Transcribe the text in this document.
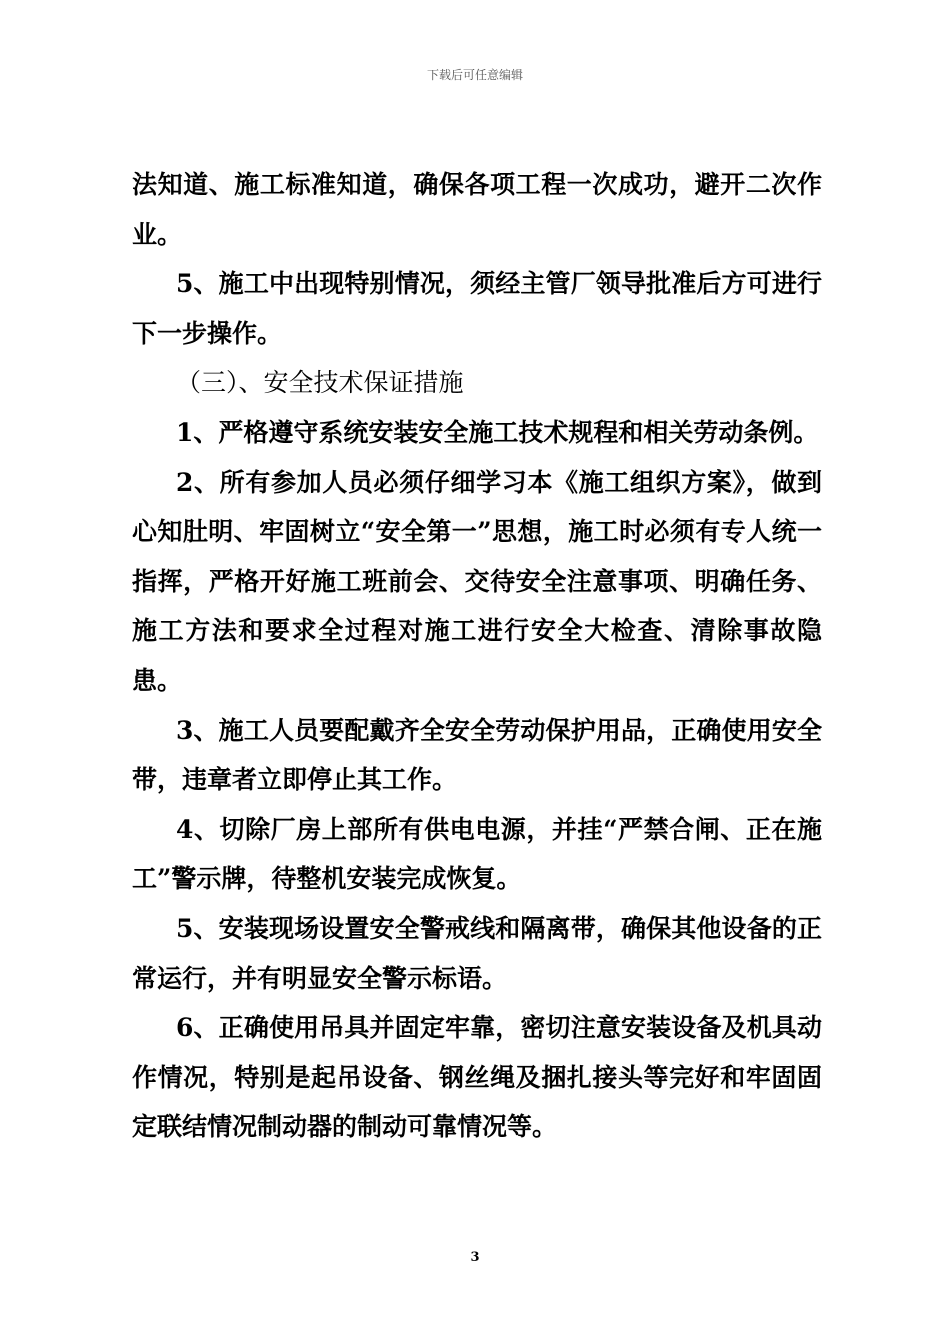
下载后可任意编辑

法知道、施工标准知道，确保各项工程一次成功，避开二次作业。

5、施工中出现特别情况，须经主管厂领导批准后方可进行下一步操作。

（三）、安全技术保证措施

1、严格遵守系统安装安全施工技术规程和相关劳动条例。

2、所有参加人员必须仔细学习本《施工组织方案》，做到心知肚明、牢固树立“安全第一”思想，施工时必须有专人统一指挥，严格开好施工班前会、交待安全注意事项、明确任务、施工方法和要求全过程对施工进行安全大检查、清除事故隐患。

3、施工人员要配戴齐全安全劳动保护用品，正确使用安全带，违章者立即停止其工作。

4、切除厂房上部所有供电电源，并挂“严禁合闸、正在施工”警示牌，待整机安装完成恢复。

5、安装现场设置安全警戒线和隔离带，确保其他设备的正常运行，并有明显安全警示标语。

6、正确使用吊具并固定牢靠，密切注意安装设备及机具动作情况，特别是起吊设备、钢丝绳及捆扎接头等完好和牢固固定联结情况制动器的制动可靠情况等。

3
